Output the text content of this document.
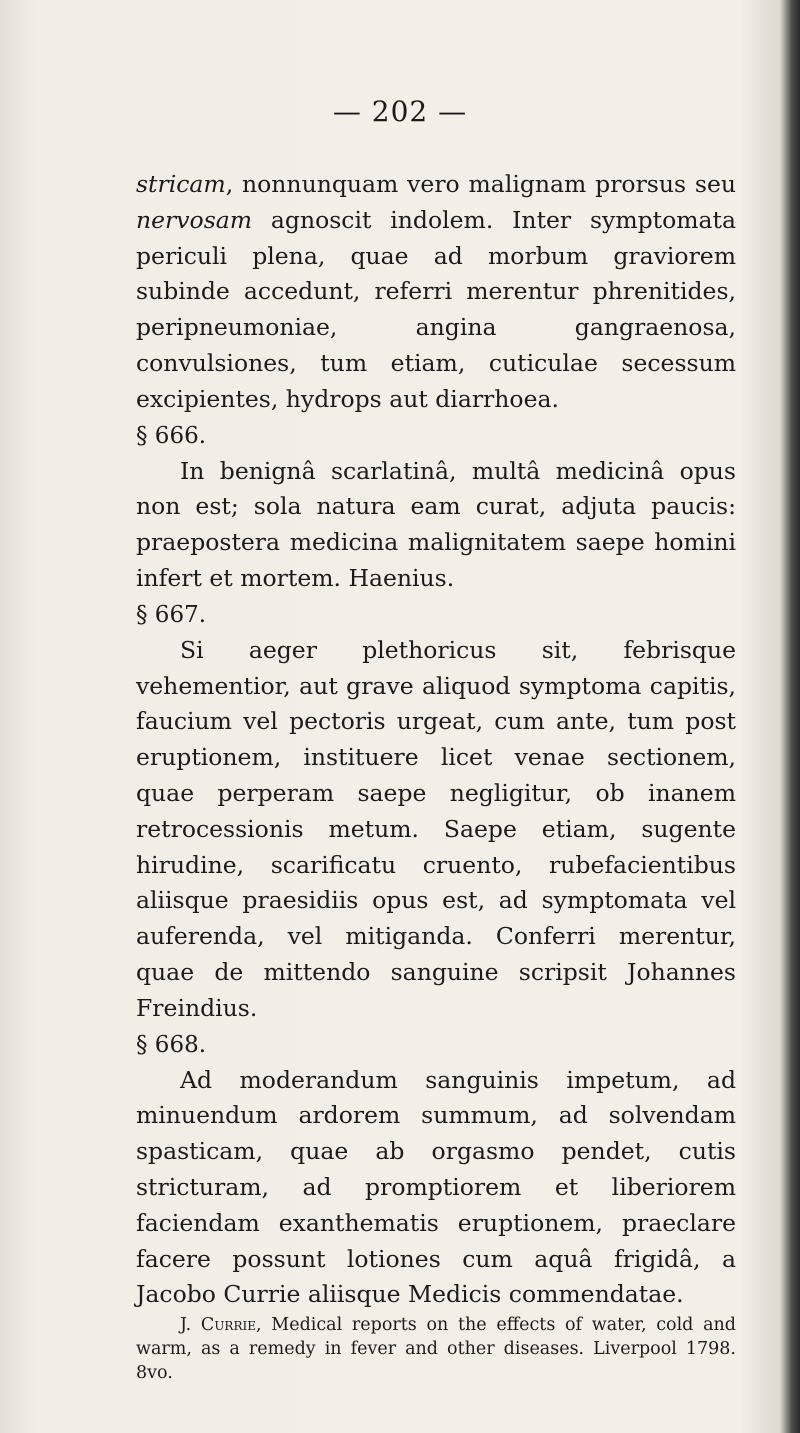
— 202 —

stricam, nonnunquam vero malignam prorsus seu nervosam agnoscit indolem. Inter symptomata periculi plena, quae ad morbum graviorem subinde accedunt, referri merentur phrenitides, peripneumoniae, angina gangraenosa, convulsiones, tum etiam, cuticulae secessum excipientes, hydrops aut diarrhoea.

§ 666.

In benignâ scarlatinâ, multâ medicinâ opus non est; sola natura eam curat, adjuta paucis: praepostera medicina malignitatem saepe homini infert et mortem. Haenius.

§ 667.

Si aeger plethoricus sit, febrisque vehementior, aut grave aliquod symptoma capitis, faucium vel pectoris urgeat, cum ante, tum post eruptionem, instituere licet venae sectionem, quae perperam saepe negligitur, ob inanem retrocessionis metum. Saepe etiam, sugente hirudine, scarificatu cruento, rubefacientibus aliisque praesidiis opus est, ad symptomata vel auferenda, vel mitiganda. Conferri merentur, quae de mittendo sanguine scripsit Johannes Freindius.

§ 668.

Ad moderandum sanguinis impetum, ad minuendum ardorem summum, ad solvendam spasticam, quae ab orgasmo pendet, cutis stricturam, ad promptiorem et liberiorem faciendam exanthematis eruptionem, praeclare facere possunt lotiones cum aquâ frigidâ, a Jacobo Currie aliisque Medicis commendatae.

J. Currie, Medical reports on the effects of water, cold and warm, as a remedy in fever and other diseases. Liverpool 1798. 8vo.
